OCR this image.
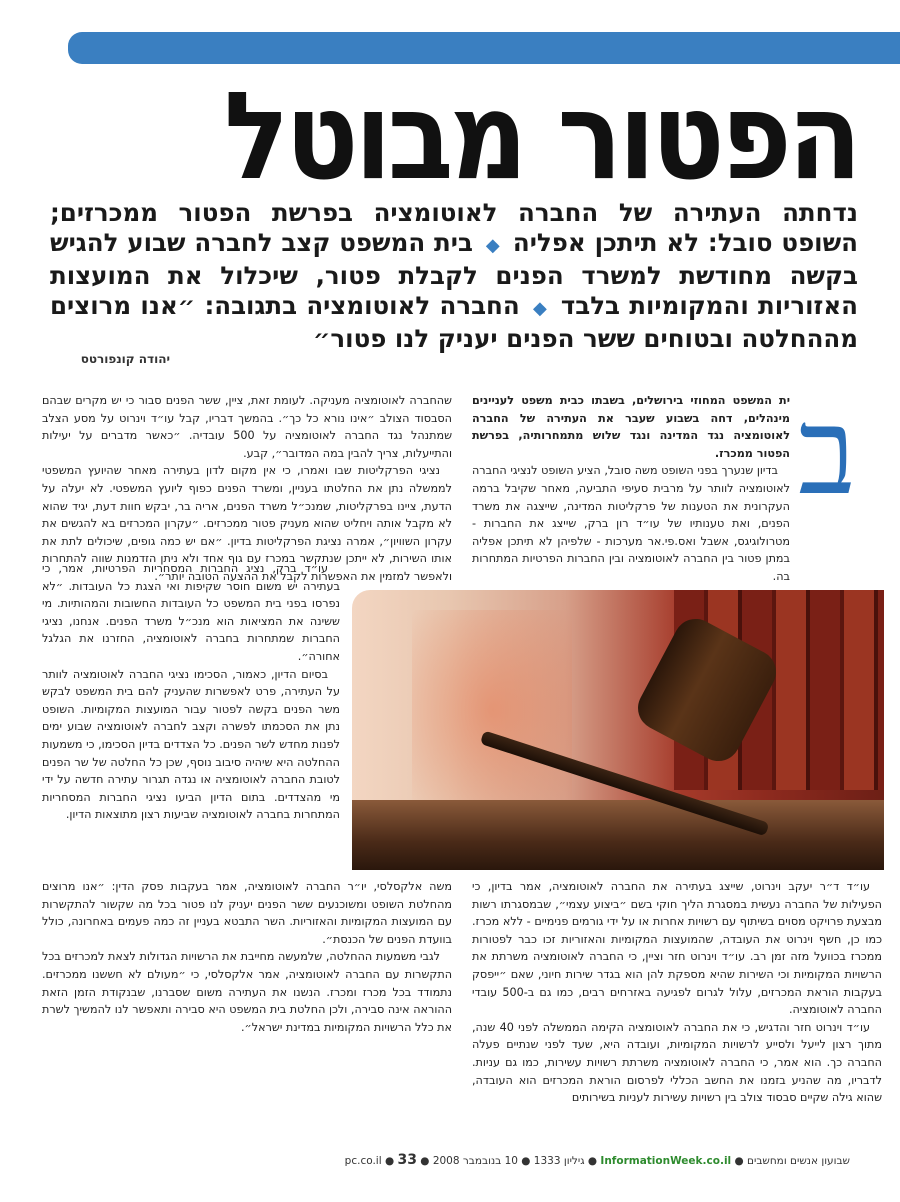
הפטור מבוטל
נדחתה העתירה של החברה לאוטומציה בפרשת הפטור ממכרזים; השופט סובל: לא תיתכן אפליה ◆ בית המשפט קצב לחברה שבוע להגיש בקשה מחודשת למשרד הפנים לקבלת פטור, שיכלול את המועצות האזוריות והמקומיות בלבד ◆ החברה לאוטומציה בתגובה: ״אנו מרוצים מההחלטה ובטוחים ששר הפנים יעניק לנו פטור״
יהודה קונפורטס
ב

ית המשפט המחוזי בירושלים, בשבתו כבית משפט לעניינים מינהלים, דחה בשבוע שעבר את העתירה של החברה לאוטומציה נגד המדינה ונגד שלוש מתמחרותיה, בפרשת הפטור ממכרז.

בדיון שנערך בפני השופט משה סובל, הציע השופט לנציגי החברה לאוטומציה לוותר על מרבית סעיפי התביעה, מאחר שקיבל ברמה העקרונית את הטענות של פרקליטות המדינה, שייצגה את משרד הפנים, ואת טענותיו של עו״ד רון ברק, שייצג את החברות - מטרולוגיגס, אשבל ואס.פי.אר מערכות - שלפיהן לא תיתכן אפליה במתן פטור בין החברה לאוטומציה ובין החברות הפרטיות המתחרות בה.

עו״ד ד״ר יעקב וינרוט, שייצג בעתירה את החברה לאוטומציה, אמר בדיון, כי הפעילות של החברה נעשית במסגרת הליך חוקי בשם ״ביצוע עצמי״, שבמסגרתו רשות מבצעת פרויקט מסוים בשיתוף עם רשויות אחרות או על ידי גורמים פנימיים - ללא מכרז. כמו כן, חשף וינרוט את העובדה, שהמועצות המקומיות והאזוריות זכו כבר לפטורות ממכרז בכוועל מזה זמן רב. עו״ד וינרוט חזר וציין, כי החברה לאוטומציה משרתת את הרשויות המקומיות וכי השירות שהיא מספקת להן הוא בגדר שירות חיוני, שאם ״ייפסק בעקבות הוראת המכרזים, עלול לגרום לפגיעה באזרחים רבים, כמו גם ב-500 עובדי החברה לאוטומציה.

עו״ד וינרוט חזר והדגיש, כי את החברה לאוטומציה הקימה הממשלה לפני 40 שנה, מתוך רצון לייעל ולסייע לרשויות המקומיות, ועובדה היא, שעד לפני שנתיים פעלה החברה כך. הוא אמר, כי החברה לאוטומציה משרתת רשויות עשירות, כמו גם עניות. לדבריו, מה שהניע בזמנו את החשב הכללי לפרסום הוראת המכרזים הוא העובדה, שהוא גילה שקיים סבסוד צולב בין רשויות עשירות לעניות בשירותים

שהחברה לאוטומציה מעניקה. לעומת זאת, ציין, ששר הפנים סבור כי יש מקרים שבהם הסבסוד הצולב ״אינו נורא כל כך״. בהמשך דבריו, קבל עו״ד וינרוט על מסע הצלב שמתנהל נגד החברה לאוטומציה על 500 עובדיה. ״כאשר מדברים על יעילות והתייעלות, צריך להבין במה המדובר״, קבע.

נציגי הפרקליטות שבו ואמרו, כי אין מקום לדון בעתירה מאחר שהיועץ המשפטי לממשלה נתן את החלטתו בעניין, ומשרד הפנים כפוף ליועץ המשפטי. לא יעלה על הדעת, ציינו בפרקליטות, שמנכ״ל משרד הפנים, אריה בר, יבקש חוות דעת, יגיד שהוא לא מקבל אותה ויחליט שהוא מעניק פטור ממכרזים. ״עקרון המכרזים בא להגשים את עקרון השוויון״, אמרה נציגת הפרקליטות בדיון. ״אם יש כמה גופים, שיכולים לתת את אותו השירות, לא ייתכן שנתקשר במכרז עם גוף אחד ולא ניתן הזדמנות שווה להתחרות ולאפשר למזמין את האפשרות לקבל את ההצעה הטובה יותר״.

עו״ד ברק, נציג החברות המסחריות הפרטיות, אמר, כי בעתירה יש משום חוסר שקיפות ואי הצגת כל העובדות. ״לא נפרסו בפני בית המשפט כל העובדות החשובות והמהותיות. מי ששינה את המציאות הוא מנכ״ל משרד הפנים. אנחנו, נציגי החברות שמתחרות בחברה לאוטומציה, החזרנו את הגלגל אחורה״.

בסיום הדיון, כאמור, הסכימו נציגי החברה לאוטומציה לוותר על העתירה, פרט לאפשרות שהעניק להם בית המשפט לבקש משר הפנים בקשה לפטור עבור המועצות המקומיות. השופט נתן את הסכמתו לפשרה וקצב לחברה לאוטומציה שבוע ימים לפנות מחדש לשר הפנים. כל הצדדים בדיון הסכימו, כי משמעות ההחלטה היא שיהיה סיבוב נוסף, שכן כל החלטה של שר הפנים לטובת החברה לאוטומציה או נגדה תגרור עתירה חדשה על ידי מי מהצדדים. בתום הדיון הביעו נציגי החברות המסחריות המתחרות בחברה לאוטומציה שביעות רצון מתוצאות הדיון.

משה אלקסלסי, יו״ר החברה לאוטומציה, אמר בעקבות פסק הדין: ״אנו מרוצים מהחלטת השופט ומשוכנעים ששר הפנים יעניק לנו פטור בכל מה שקשור להתקשרות עם המועצות המקומיות והאזוריות. השר התבטא בעניין זה כמה פעמים באחרונה, כולל בוועדת הפנים של הכנסת״.

לגבי משמעות ההחלטה, שלמעשה מחייבת את הרשויות הגדולות לצאת למכרזים בכל התקשרות עם החברה לאוטומציה, אמר אלקסלסי, כי ״מעולם לא חששנו ממכרזים. נתמודד בכל מכרז ומכרז. הנשנו את העתירה משום שסברנו, שבנקודת הזמן הזאת ההוראה אינה סבירה, ולכן החלטת בית המשפט היא סבירה ותאפשר לנו להמשיך לשרת את כלל הרשויות המקומיות במדינת ישראל״.

שבועון אנשים ומחשבים ● InformationWeek.co.il ● גיליון 1333 ● 10 בנובמבר 2008 ● pc.co.il ● 33
